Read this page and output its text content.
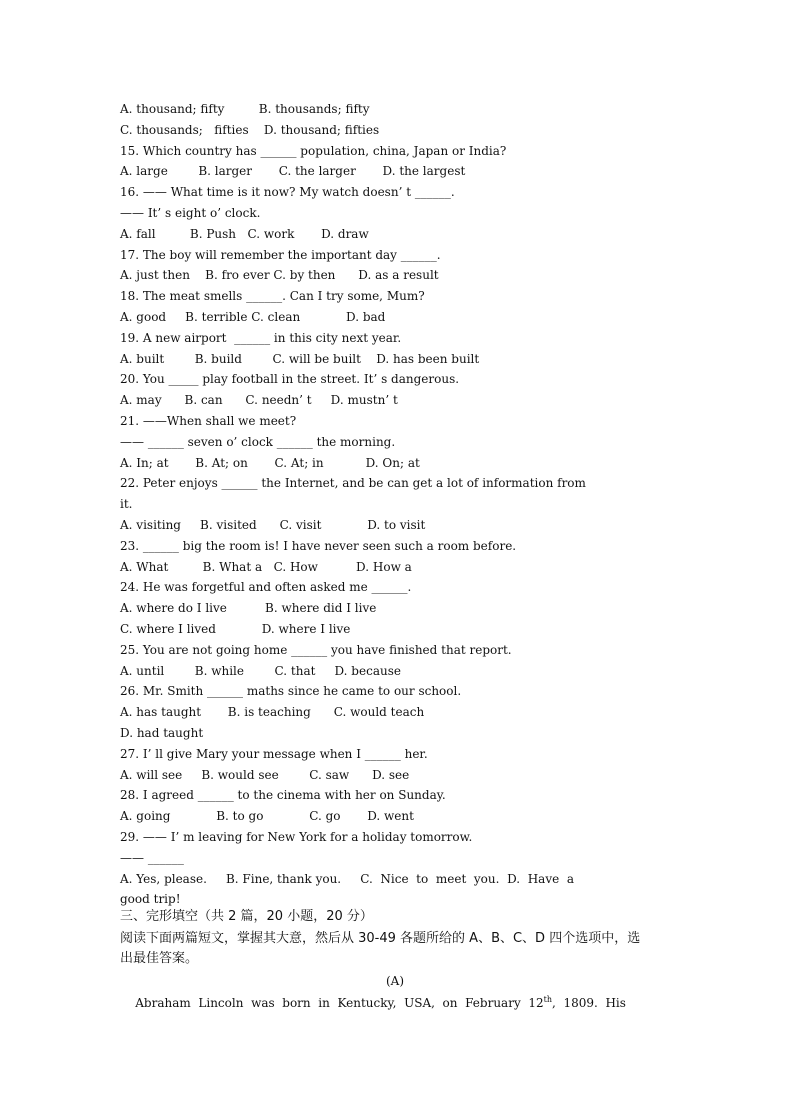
A. thousand; fifty         B. thousands; fifty
C. thousands;   fifties    D. thousand; fifties
15. Which country has ______ population, china, Japan or India?
A. large        B. larger       C. the larger       D. the largest
16. —— What time is it now? My watch doesn’ t ______.
—— It’ s eight o’ clock.
A. fall         B. Push   C. work       D. draw
17. The boy will remember the important day ______.
A. just then    B. fro ever C. by then      D. as a result
18. The meat smells ______. Can I try some, Mum?
A. good     B. terrible C. clean            D. bad
19. A new airport  ______ in this city next year.
A. built        B. build        C. will be built    D. has been built
20. You _____ play football in the street. It’ s dangerous.
A. may      B. can      C. needn’ t     D. mustn’ t
21. ——When shall we meet?
—— ______ seven o’ clock ______ the morning.
A. In; at       B. At; on       C. At; in           D. On; at
22. Peter enjoys ______ the Internet, and be can get a lot of information from
it.
A. visiting     B. visited      C. visit            D. to visit
23. ______ big the room is! I have never seen such a room before.
A. What         B. What a   C. How          D. How a
24. He was forgetful and often asked me ______.
A. where do I live          B. where did I live
C. where I lived            D. where I live
25. You are not going home ______ you have finished that report.
A. until        B. while        C. that     D. because
26. Mr. Smith ______ maths since he came to our school.
A. has taught       B. is teaching      C. would teach
D. had taught
27. I’ ll give Mary your message when I ______ her.
A. will see     B. would see        C. saw      D. see
28. I agreed ______ to the cinema with her on Sunday.
A. going            B. to go            C. go       D. went
29. —— I’ m leaving for New York for a holiday tomorrow.
—— ______
A. Yes, please.     B. Fine, thank you.     C.  Nice  to  meet  you.  D.  Have  a
good trip!
三、完形填空（共 2 篇，20 小题，20 分）
阅读下面两篇短文，掌握其大意，然后从 30-49 各题所给的 A、B、C、D 四个选项中，选
出最佳答案。
(A)
Abraham  Lincoln  was  born  in  Kentucky,  USA,  on  February  12th,  1809.  His
